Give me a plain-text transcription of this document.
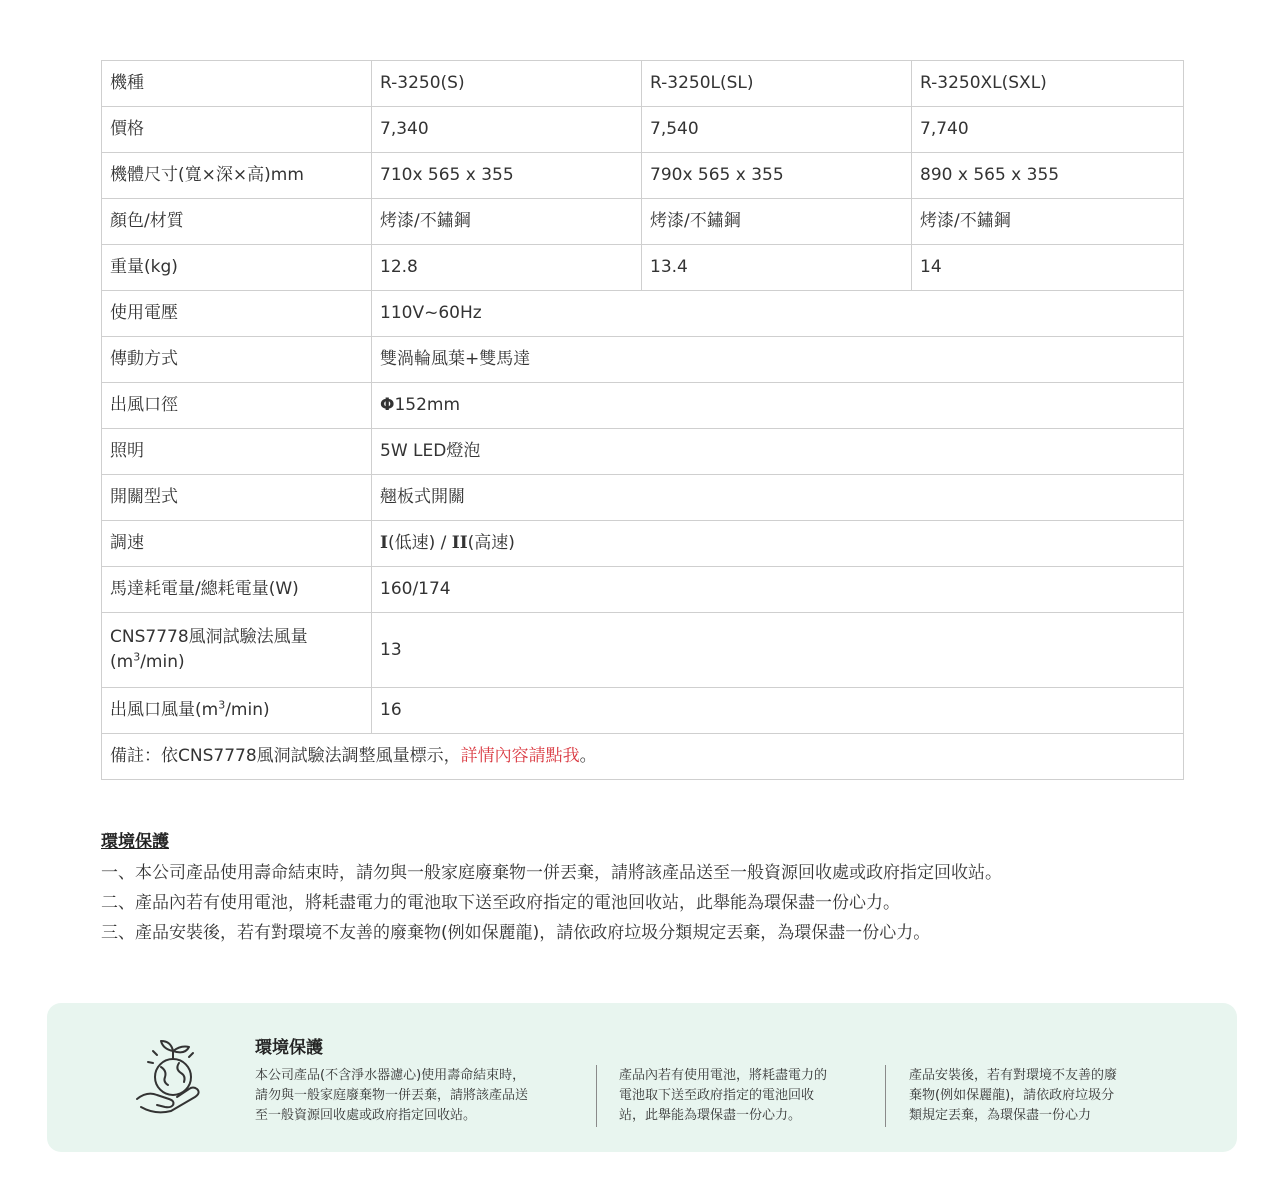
機種	R-3250(S)	R-3250L(SL)	R-3250XL(SXL)
價格	7,340	7,540	7,740
機體尺寸(寬×深×高)mm	710x 565 x 355	790x 565 x 355	890 x 565 x 355
顏色/材質	烤漆/不鏽鋼	烤漆/不鏽鋼	烤漆/不鏽鋼
重量(kg)	12.8	13.4	14
使用電壓	110V~60Hz		
傳動方式	雙渦輪風葉+雙馬達		
出風口徑	Φ152mm		
照明	5W LED燈泡		
開關型式	翹板式開關		
調速	I(低速) / II(高速)		
馬達耗電量/總耗電量(W)	160/174		
CNS7778風洞試驗法風量
$(m^3/\min)$	13		
出風口風量$(m^3/\min)$	16		
備註：依CNS7778風洞試驗法調整風量標示，詳情內容請點我。			
環境保護

一、本公司產品使用壽命結束時，請勿與一般家庭廢棄物一併丟棄，請將該產品送至一般資源回收處或政府指定回收站。

二、產品內若有使用電池，將耗盡電力的電池取下送至政府指定的電池回收站，此舉能為環保盡一份心力。

三、產品安裝後，若有對環境不友善的廢棄物(例如保麗龍)，請依政府垃圾分類規定丟棄，為環保盡一份心力。

環境保護
本公司產品(不含淨水器濾心)使用壽命結束時，
請勿與一般家庭廢棄物一併丟棄，請將該產品送
至一般資源回收處或政府指定回收站。
產品內若有使用電池，將耗盡電力的
電池取下送至政府指定的電池回收
站，此舉能為環保盡一份心力。
產品安裝後，若有對環境不友善的廢
棄物(例如保麗龍)，請依政府垃圾分
類規定丟棄，為環保盡一份心力
